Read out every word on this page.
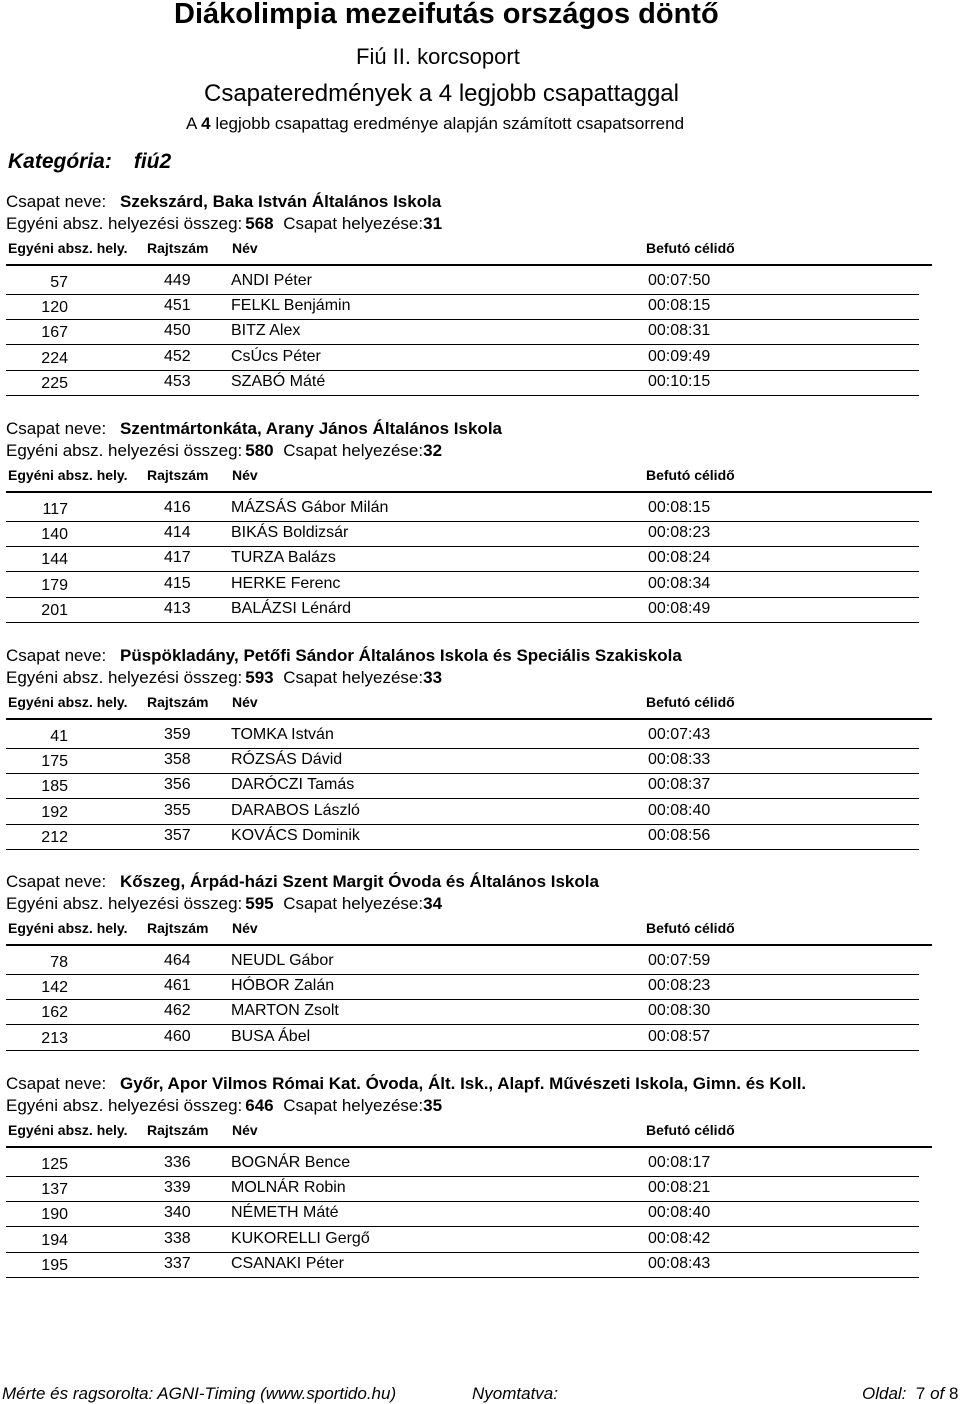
Diákolimpia mezeifutás országos döntő
Fiú II. korcsoport
Csapateredmények a 4 legjobb csapattaggal
A 4 legjobb csapattag eredménye alapján számított csapatsorrend
Kategória: fiú2
Csapat neve: Szekszárd, Baka István Általános Iskola
Egyéni absz. helyezési összeg: 568 Csapat helyezése:31
Egyéni absz. hely. Rajtszám Név	Befutó célidő
57	449	ANDI Péter	00:07:50
120	451	FELKL Benjámin	00:08:15
167	450	BITZ Alex	00:08:31
224	452	CsÚcs Péter	00:09:49
225	453	SZABÓ Máté	00:10:15
Csapat neve: Szentmártonkáta, Arany János Általános Iskola
Egyéni absz. helyezési összeg: 580 Csapat helyezése:32
Egyéni absz. hely. Rajtszám Név	Befutó célidő
117	416	MÁZSÁS Gábor Milán	00:08:15
140	414	BIKÁS Boldizsár	00:08:23
144	417	TURZA Balázs	00:08:24
179	415	HERKE Ferenc	00:08:34
201	413	BALÁZSI Lénárd	00:08:49
Csapat neve: Püspökladány, Petőfi Sándor Általános Iskola és Speciális Szakiskola
Egyéni absz. helyezési összeg: 593 Csapat helyezése:33
Egyéni absz. hely. Rajtszám Név	Befutó célidő
41	359	TOMKA István	00:07:43
175	358	RÓZSÁS Dávid	00:08:33
185	356	DARÓCZI Tamás	00:08:37
192	355	DARABOS László	00:08:40
212	357	KOVÁCS Dominik	00:08:56
Csapat neve: Kőszeg, Árpád-házi Szent Margit Óvoda és Általános Iskola
Egyéni absz. helyezési összeg: 595 Csapat helyezése:34
Egyéni absz. hely. Rajtszám Név	Befutó célidő
78	464	NEUDL Gábor	00:07:59
142	461	HÓBOR Zalán	00:08:23
162	462	MARTON Zsolt	00:08:30
213	460	BUSA Ábel	00:08:57
Csapat neve: Győr, Apor Vilmos Római Kat. Óvoda, Ált. Isk., Alapf. Művészeti Iskola, Gimn. és Koll.
Egyéni absz. helyezési összeg: 646 Csapat helyezése:35
Egyéni absz. hely. Rajtszám Név	Befutó célidő
125	336	BOGNÁR Bence	00:08:17
137	339	MOLNÁR Robin	00:08:21
190	340	NÉMETH Máté	00:08:40
194	338	KUKORELLI Gergő	00:08:42
195	337	CSANAKI Péter	00:08:43
Mérte és ragsorolta: AGNI-Timing (www.sportido.hu)	Nyomtatva:	Oldal: 7 of 8
